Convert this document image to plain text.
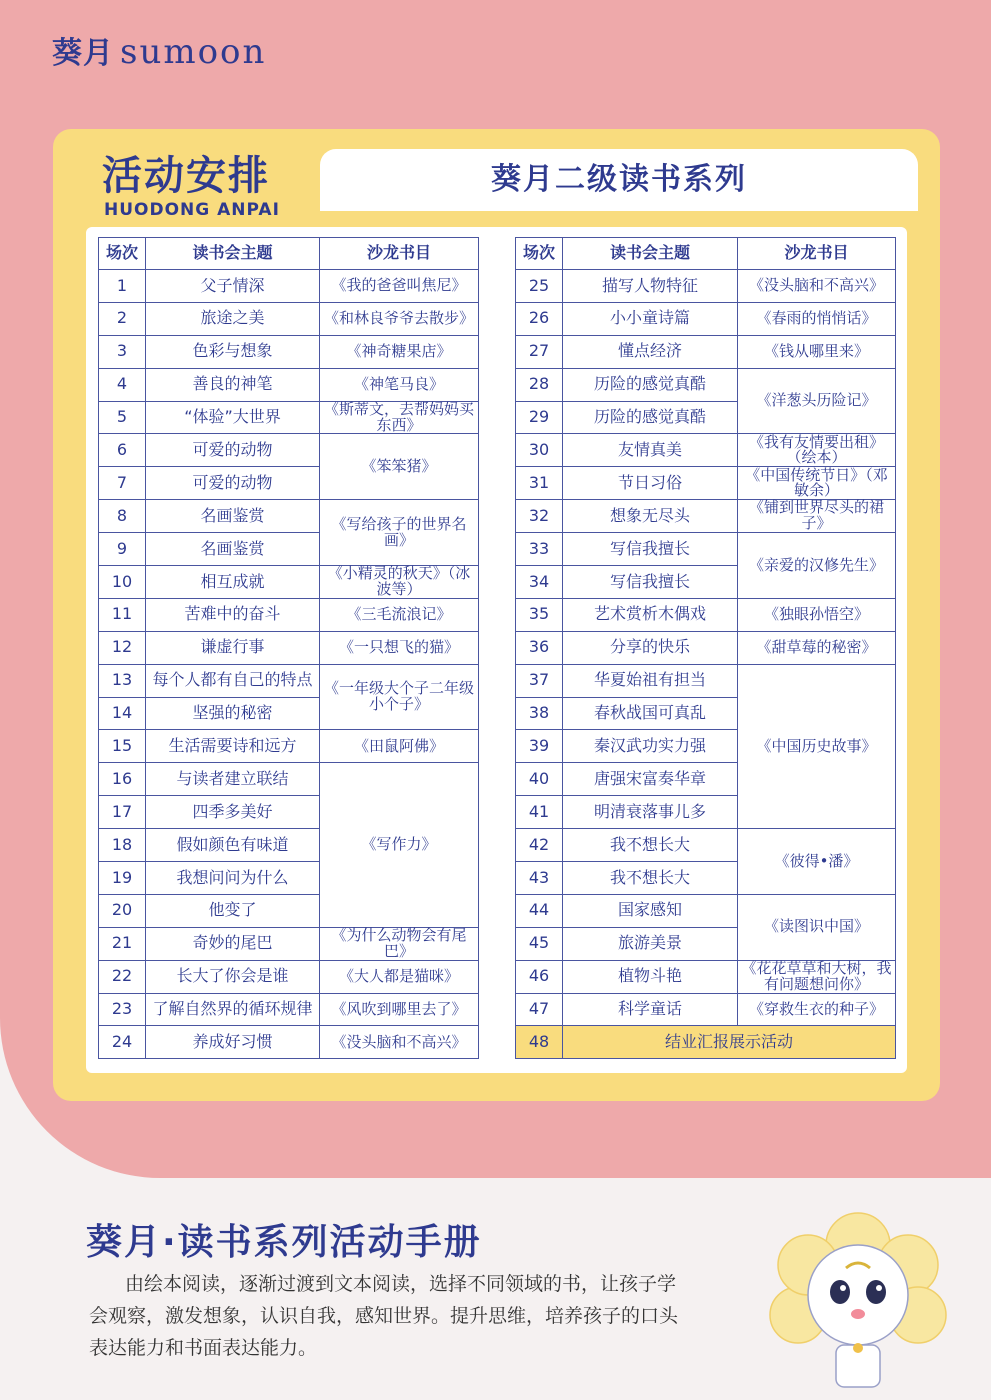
葵月 sumoon
葵月二级读书系列
活动安排
HUODONG ANPAI
场次	读书会主题	沙龙书目
1	父子情深	《我的爸爸叫焦尼》
2	旅途之美	《和林良爷爷去散步》
3	色彩与想象	《神奇糖果店》
4	善良的神笔	《神笔马良》
5	“体验”大世界	《斯蒂文，去帮妈妈买东西》
6	可爱的动物	《笨笨猪》
7	可爱的动物	
8	名画鉴赏	《写给孩子的世界名画》
9	名画鉴赏	
10	相互成就	《小精灵的秋天》（冰波等）
11	苦难中的奋斗	《三毛流浪记》
12	谦虚行事	《一只想飞的猫》
13	每个人都有自己的特点	《一年级大个子二年级小个子》
14	坚强的秘密	
15	生活需要诗和远方	《田鼠阿佛》
16	与读者建立联结	《写作力》
17	四季多美好	
18	假如颜色有味道	
19	我想问问为什么	
20	他变了	
21	奇妙的尾巴	《为什么动物会有尾巴》
22	长大了你会是谁	《大人都是猫咪》
23	了解自然界的循环规律	《风吹到哪里去了》
24	养成好习惯	《没头脑和不高兴》
场次	读书会主题	沙龙书目
25	描写人物特征	《没头脑和不高兴》
26	小小童诗篇	《春雨的悄悄话》
27	懂点经济	《钱从哪里来》
28	历险的感觉真酷	《洋葱头历险记》
29	历险的感觉真酷	
30	友情真美	《我有友情要出租》（绘本）
31	节日习俗	《中国传统节日》（邓敏余）
32	想象无尽头	《铺到世界尽头的裙子》
33	写信我擅长	《亲爱的汉修先生》
34	写信我擅长	
35	艺术赏析木偶戏	《独眼孙悟空》
36	分享的快乐	《甜草莓的秘密》
37	华夏始祖有担当	《中国历史故事》
38	春秋战国可真乱	
39	秦汉武功实力强	
40	唐强宋富奏华章	
41	明清衰落事儿多	
42	我不想长大	《彼得•潘》
43	我不想长大	
44	国家感知	《读图识中国》
45	旅游美景	
46	植物斗艳	《花花草草和大树，我有问题想问你》
47	科学童话	《穿救生衣的种子》
48	结业汇报展示活动	
葵月·读书系列活动手册
由绘本阅读，逐渐过渡到文本阅读，选择不同领域的书，让孩子学会观察，激发想象，认识自我，感知世界。提升思维，培养孩子的口头表达能力和书面表达能力。
